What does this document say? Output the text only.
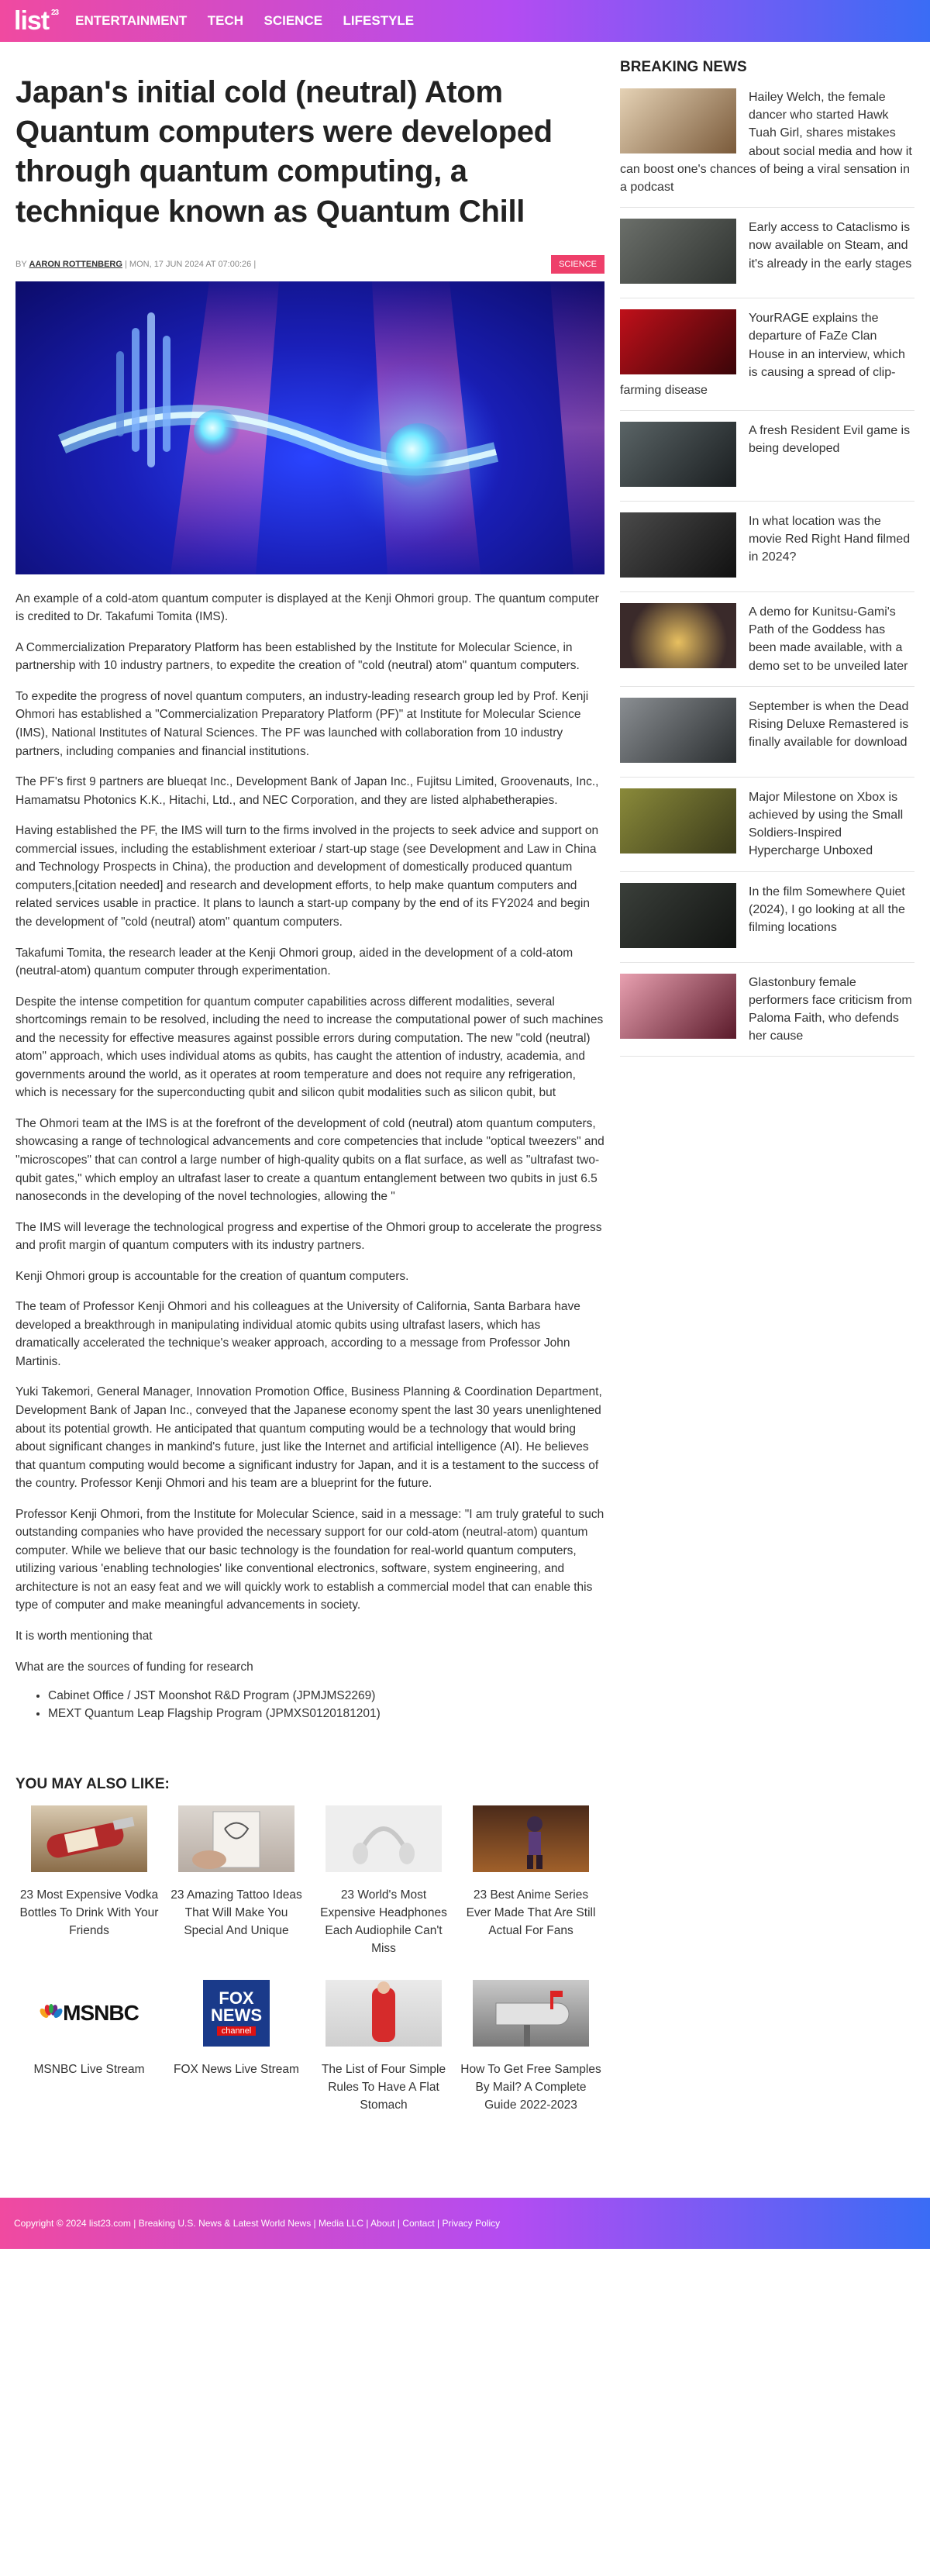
list 23
ENTERTAINMENT TECH SCIENCE LIFESTYLE
Japan's initial cold (neutral) Atom Quantum computers were developed through quantum computing, a technique known as Quantum Chill
BY AARON ROTTENBERG | MON, 17 JUN 2024 AT 07:00:26 |	SCIENCE

An example of a cold-atom quantum computer is displayed at the Kenji Ohmori group. The quantum computer is credited to Dr. Takafumi Tomita (IMS).

A Commercialization Preparatory Platform has been established by the Institute for Molecular Science, in partnership with 10 industry partners, to expedite the creation of "cold (neutral) atom" quantum computers.

To expedite the progress of novel quantum computers, an industry-leading research group led by Prof. Kenji Ohmori has established a "Commercialization Preparatory Platform (PF)" at Institute for Molecular Science (IMS), National Institutes of Natural Sciences. The PF was launched with collaboration from 10 industry partners, including companies and financial institutions.

The PF's first 9 partners are blueqat Inc., Development Bank of Japan Inc., Fujitsu Limited, Groovenauts, Inc., Hamamatsu Photonics K.K., Hitachi, Ltd., and NEC Corporation, and they are listed alphabetherapies.

Having established the PF, the IMS will turn to the firms involved in the projects to seek advice and support on commercial issues, including the establishment exterioar / start-up stage (see Development and Law in China and Technology Prospects in China), the production and development of domestically produced quantum computers,[citation needed] and research and development efforts, to help make quantum computers and related services usable in practice. It plans to launch a start-up company by the end of its FY2024 and begin the development of "cold (neutral) atom" quantum computers.

Takafumi Tomita, the research leader at the Kenji Ohmori group, aided in the development of a cold-atom (neutral-atom) quantum computer through experimentation.

Despite the intense competition for quantum computer capabilities across different modalities, several shortcomings remain to be resolved, including the need to increase the computational power of such machines and the necessity for effective measures against possible errors during computation. The new "cold (neutral) atom" approach, which uses individual atoms as qubits, has caught the attention of industry, academia, and governments around the world, as it operates at room temperature and does not require any refrigeration, which is necessary for the superconducting qubit and silicon qubit modalities such as silicon qubit, but

The Ohmori team at the IMS is at the forefront of the development of cold (neutral) atom quantum computers, showcasing a range of technological advancements and core competencies that include "optical tweezers" and "microscopes" that can control a large number of high-quality qubits on a flat surface, as well as "ultrafast two-qubit gates," which employ an ultrafast laser to create a quantum entanglement between two qubits in just 6.5 nanoseconds in the developing of the novel technologies, allowing the "

The IMS will leverage the technological progress and expertise of the Ohmori group to accelerate the progress and profit margin of quantum computers with its industry partners.

Kenji Ohmori group is accountable for the creation of quantum computers.

The team of Professor Kenji Ohmori and his colleagues at the University of California, Santa Barbara have developed a breakthrough in manipulating individual atomic qubits using ultrafast lasers, which has dramatically accelerated the technique's weaker approach, according to a message from Professor John Martinis.

Yuki Takemori, General Manager, Innovation Promotion Office, Business Planning & Coordination Department, Development Bank of Japan Inc., conveyed that the Japanese economy spent the last 30 years unenlightened about its potential growth. He anticipated that quantum computing would be a technology that would bring about significant changes in mankind's future, just like the Internet and artificial intelligence (AI). He believes that quantum computing would become a significant industry for Japan, and it is a testament to the success of the country. Professor Kenji Ohmori and his team are a blueprint for the future.

Professor Kenji Ohmori, from the Institute for Molecular Science, said in a message: "I am truly grateful to such outstanding companies who have provided the necessary support for our cold-atom (neutral-atom) quantum computer. While we believe that our basic technology is the foundation for real-world quantum computers, utilizing various 'enabling technologies' like conventional electronics, software, system engineering, and architecture is not an easy feat and we will quickly work to establish a commercial model that can enable this type of computer and make meaningful advancements in society.

It is worth mentioning that

What are the sources of funding for research

• Cabinet Office / JST Moonshot R&D Program (JPMJMS2269)
• MEXT Quantum Leap Flagship Program (JPMXS0120181201)
YOU MAY ALSO LIKE:
23 Most Expensive Vodka Bottles To Drink With Your Friends
23 Amazing Tattoo Ideas That Will Make You Special And Unique
23 World's Most Expensive Headphones Each Audiophile Can't Miss
23 Best Anime Series Ever Made That Are Still Actual For Fans
MSNBC
MSNBC Live Stream
FOX
NEWS
channel
FOX News Live Stream	The List of Four Simple Rules To Have A Flat Stomach
How To Get Free Samples By Mail? A Complete Guide 2022-2023
BREAKING NEWS
Hailey Welch, the female dancer who started Hawk Tuah Girl, shares mistakes about social media and how it can boost one's chances of being a viral sensation in a podcast
Early access to Cataclismo is now available on Steam, and it's already in the early stages
YourRAGE explains the departure of FaZe Clan House in an interview, which is causing a spread of clip-farming disease
A fresh Resident Evil game is being developed
In what location was the movie Red Right Hand filmed in 2024?
A demo for Kunitsu-Gami's Path of the Goddess has been made available, with a demo set to be unveiled later
September is when the Dead Rising Deluxe Remastered is finally available for download
Major Milestone on Xbox is achieved by using the Small Soldiers-Inspired Hypercharge Unboxed
In the film Somewhere Quiet (2024), I go looking at all the filming locations
Glastonbury female performers face criticism from Paloma Faith, who defends her cause
Copyright © 2024 list23.com | Breaking U.S. News & Latest World News | Media LLC | About | Contact | Privacy Policy
